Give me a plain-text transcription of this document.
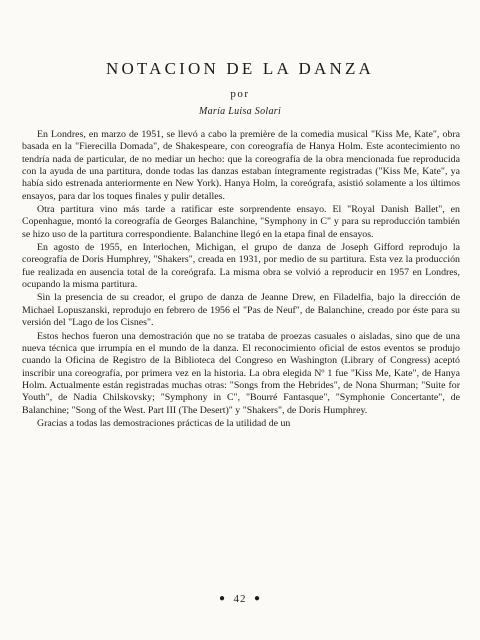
NOTACION DE LA DANZA
por
María Luisa Solari

En Londres, en marzo de 1951, se llevó a cabo la première de la comedia musical "Kiss Me, Kate", obra basada en la "Fierecilla Domada", de Shakespeare, con coreografía de Hanya Holm. Este acontecimiento no tendría nada de particular, de no mediar un hecho: que la coreografía de la obra mencionada fue reproducida con la ayuda de una partitura, donde todas las danzas estaban íntegramente registradas ("Kiss Me, Kate", ya había sido estrenada anteriormente en New York). Hanya Holm, la coreógrafa, asistió solamente a los últimos ensayos, para dar los toques finales y pulir detalles.

Otra partitura vino más tarde a ratificar este sorprendente ensayo. El "Royal Danish Ballet", en Copenhague, montó la coreografía de Georges Balanchine, "Symphony in C" y para su reproducción también se hizo uso de la partitura correspondiente. Balanchine llegó en la etapa final de ensayos.

En agosto de 1955, en Interlochen, Michigan, el grupo de danza de Joseph Gifford reprodujo la coreografía de Doris Humphrey, "Shakers", creada en 1931, por medio de su partitura. Esta vez la producción fue realizada en ausencia total de la coreógrafa. La misma obra se volvió a reproducir en 1957 en Londres, ocupando la misma partitura.

Sin la presencia de su creador, el grupo de danza de Jeanne Drew, en Filadelfia, bajo la dirección de Michael Lopuszanski, reprodujo en febrero de 1956 el "Pas de Neuf", de Balanchine, creado por éste para su versión del "Lago de los Cisnes".

Estos hechos fueron una demostración que no se trataba de proezas casuales o aisladas, sino que de una nueva técnica que irrumpía en el mundo de la danza. El reconocimiento oficial de estos eventos se produjo cuando la Oficina de Registro de la Biblioteca del Congreso en Washington (Library of Congress) aceptó inscribir una coreografía, por primera vez en la historia. La obra elegida Nº 1 fue "Kiss Me, Kate", de Hanya Holm. Actualmente están registradas muchas otras: "Songs from the Hebrides", de Nona Shurman; "Suite for Youth", de Nadia Chilskovsky; "Symphony in C", "Bourré Fantasque", "Symphonie Concertante", de Balanchine; "Song of the West. Part III (The Desert)" y "Shakers", de Doris Humphrey.

Gracias a todas las demostraciones prácticas de la utilidad de un

● 42 ●
